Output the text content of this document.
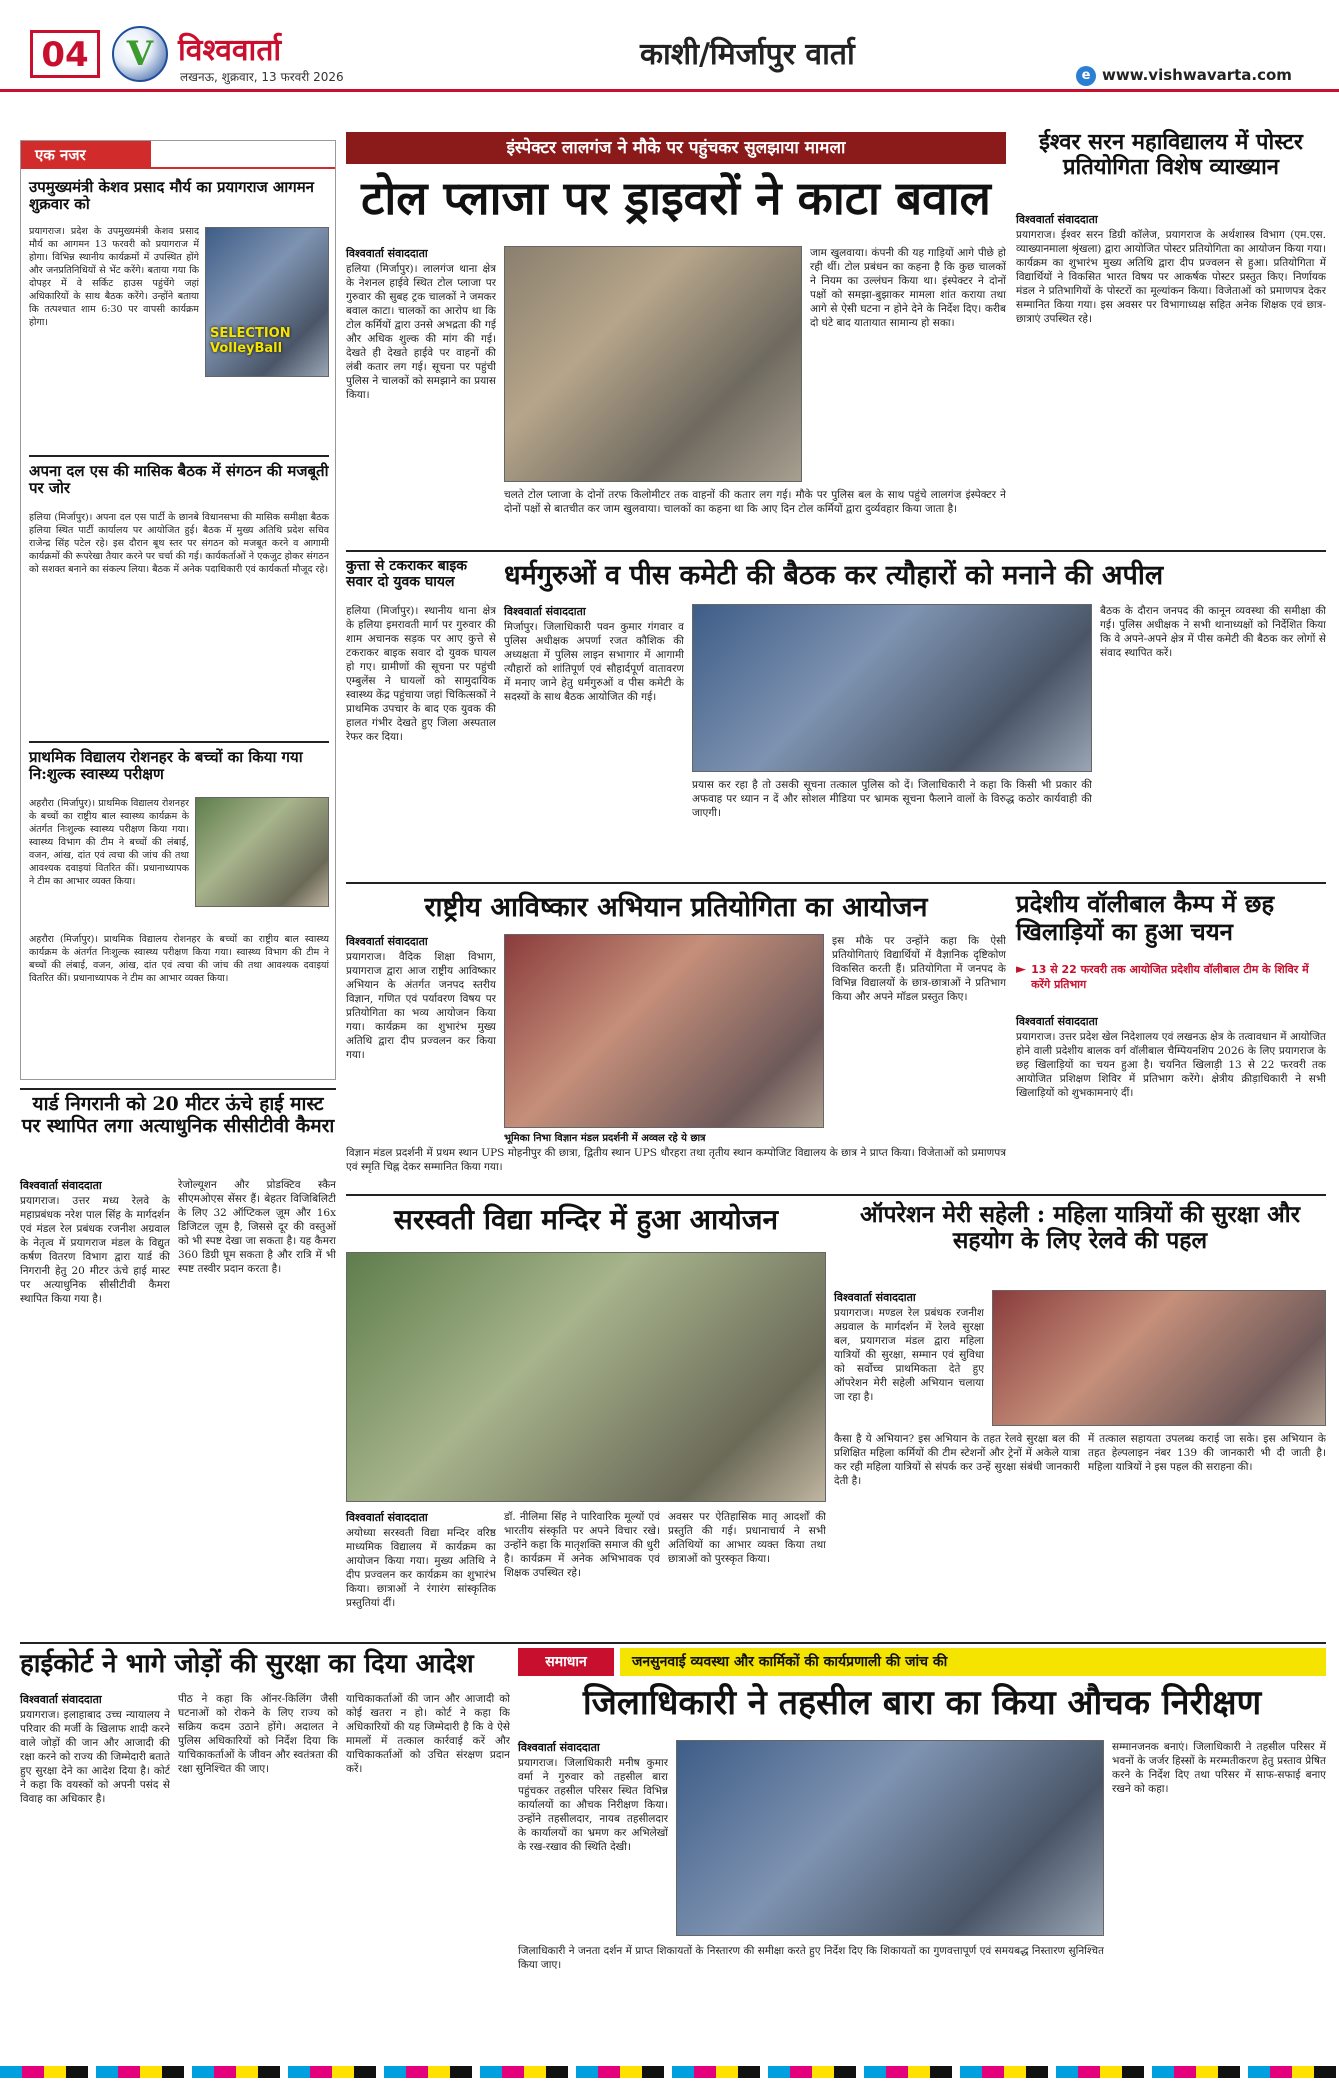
04	V विश्ववार्ता
लखनऊ, शुक्रवार, 13 फरवरी 2026
काशी/मिर्जापुर वार्ता
e www.vishwavarta.com
एक नजर
उपमुख्यमंत्री केशव प्रसाद मौर्य का प्रयागराज आगमन शुक्रवार को
प्रयागराज। प्रदेश के उपमुख्यमंत्री केशव प्रसाद मौर्य का आगमन 13 फरवरी को प्रयागराज में होगा। विभिन्न स्थानीय कार्यक्रमों में उपस्थित होंगे और जनप्रतिनिधियों से भेंट करेंगे। बताया गया कि दोपहर में वे सर्किट हाउस पहुंचेंगे जहां अधिकारियों के साथ बैठक करेंगे। उन्होंने बताया कि तत्पश्चात शाम 6:30 पर वापसी कार्यक्रम होगा।
SELECTION VolleyBall
अपना दल एस की मासिक बैठक में संगठन की मजबूती पर जोर
हलिया (मिर्जापुर)। अपना दल एस पार्टी के छानबे विधानसभा की मासिक समीक्षा बैठक हलिया स्थित पार्टी कार्यालय पर आयोजित हुई। बैठक में मुख्य अतिथि प्रदेश सचिव राजेन्द्र सिंह पटेल रहे। इस दौरान बूथ स्तर पर संगठन को मजबूत करने व आगामी कार्यक्रमों की रूपरेखा तैयार करने पर चर्चा की गई। कार्यकर्ताओं ने एकजुट होकर संगठन को सशक्त बनाने का संकल्प लिया। बैठक में अनेक पदाधिकारी एवं कार्यकर्ता मौजूद रहे।
प्राथमिक विद्यालय रोशनहर के बच्चों का किया गया नि:शुल्क स्वास्थ्य परीक्षण
अहरौरा (मिर्जापुर)। प्राथमिक विद्यालय रोशनहर के बच्चों का राष्ट्रीय बाल स्वास्थ्य कार्यक्रम के अंतर्गत निःशुल्क स्वास्थ्य परीक्षण किया गया। स्वास्थ्य विभाग की टीम ने बच्चों की लंबाई, वजन, आंख, दांत एवं त्वचा की जांच की तथा आवश्यक दवाइयां वितरित कीं। प्रधानाध्यापक ने टीम का आभार व्यक्त किया।
अहरौरा (मिर्जापुर)। प्राथमिक विद्यालय रोशनहर के बच्चों का राष्ट्रीय बाल स्वास्थ्य कार्यक्रम के अंतर्गत निःशुल्क स्वास्थ्य परीक्षण किया गया। स्वास्थ्य विभाग की टीम ने बच्चों की लंबाई, वजन, आंख, दांत एवं त्वचा की जांच की तथा आवश्यक दवाइयां वितरित कीं। प्रधानाध्यापक ने टीम का आभार व्यक्त किया।
इंस्पेक्टर लालगंज ने मौके पर पहुंचकर सुलझाया मामला
टोल प्लाजा पर ड्राइवरों ने काटा बवाल
विश्ववार्ता संवाददाता
हलिया (मिर्जापुर)। लालगंज थाना क्षेत्र के नेशनल हाईवे स्थित टोल प्लाजा पर गुरुवार की सुबह ट्रक चालकों ने जमकर बवाल काटा। चालकों का आरोप था कि टोल कर्मियों द्वारा उनसे अभद्रता की गई और अधिक शुल्क की मांग की गई। देखते ही देखते हाईवे पर वाहनों की लंबी कतार लग गई। सूचना पर पहुंची पुलिस ने चालकों को समझाने का प्रयास किया।
जाम खुलवाया। कंपनी की यह गाड़ियों आगे पीछे हो रही थीं। टोल प्रबंधन का कहना है कि कुछ चालकों ने नियम का उल्लंघन किया था। इंस्पेक्टर ने दोनों पक्षों को समझा-बुझाकर मामला शांत कराया तथा आगे से ऐसी घटना न होने देने के निर्देश दिए। करीब दो घंटे बाद यातायात सामान्य हो सका।
चलते टोल प्लाजा के दोनों तरफ किलोमीटर तक वाहनों की कतार लग गई। मौके पर पुलिस बल के साथ पहुंचे लालगंज इंस्पेक्टर ने दोनों पक्षों से बातचीत कर जाम खुलवाया। चालकों का कहना था कि आए दिन टोल कर्मियों द्वारा दुर्व्यवहार किया जाता है।
ईश्वर सरन महाविद्यालय में पोस्टर प्रतियोगिता विशेष व्याख्यान
विश्ववार्ता संवाददाता
प्रयागराज। ईश्वर सरन डिग्री कॉलेज, प्रयागराज के अर्थशास्त्र विभाग (एम.एस. व्याख्यानमाला श्रृंखला) द्वारा आयोजित पोस्टर प्रतियोगिता का आयोजन किया गया। कार्यक्रम का शुभारंभ मुख्य अतिथि द्वारा दीप प्रज्वलन से हुआ। प्रतियोगिता में विद्यार्थियों ने विकसित भारत विषय पर आकर्षक पोस्टर प्रस्तुत किए। निर्णायक मंडल ने प्रतिभागियों के पोस्टरों का मूल्यांकन किया। विजेताओं को प्रमाणपत्र देकर सम्मानित किया गया। इस अवसर पर विभागाध्यक्ष सहित अनेक शिक्षक एवं छात्र-छात्राएं उपस्थित रहे।
कुत्ता से टकराकर बाइक सवार दो युवक घायल
हलिया (मिर्जापुर)। स्थानीय थाना क्षेत्र के हलिया इमरावती मार्ग पर गुरुवार की शाम अचानक सड़क पर आए कुत्ते से टकराकर बाइक सवार दो युवक घायल हो गए। ग्रामीणों की सूचना पर पहुंची एम्बुलेंस ने घायलों को सामुदायिक स्वास्थ्य केंद्र पहुंचाया जहां चिकित्सकों ने प्राथमिक उपचार के बाद एक युवक की हालत गंभीर देखते हुए जिला अस्पताल रेफर कर दिया।
धर्मगुरुओं व पीस कमेटी की बैठक कर त्यौहारों को मनाने की अपील
विश्ववार्ता संवाददाता
मिर्जापुर। जिलाधिकारी पवन कुमार गंगवार व पुलिस अधीक्षक अपर्णा रजत कौशिक की अध्यक्षता में पुलिस लाइन सभागार में आगामी त्यौहारों को शांतिपूर्ण एवं सौहार्दपूर्ण वातावरण में मनाए जाने हेतु धर्मगुरुओं व पीस कमेटी के सदस्यों के साथ बैठक आयोजित की गई।
प्रयास कर रहा है तो उसकी सूचना तत्काल पुलिस को दें। जिलाधिकारी ने कहा कि किसी भी प्रकार की अफवाह पर ध्यान न दें और सोशल मीडिया पर भ्रामक सूचना फैलाने वालों के विरुद्ध कठोर कार्यवाही की जाएगी।
बैठक के दौरान जनपद की कानून व्यवस्था की समीक्षा की गई। पुलिस अधीक्षक ने सभी थानाध्यक्षों को निर्देशित किया कि वे अपने-अपने क्षेत्र में पीस कमेटी की बैठक कर लोगों से संवाद स्थापित करें।
राष्ट्रीय आविष्कार अभियान प्रतियोगिता का आयोजन
विश्ववार्ता संवाददाता
प्रयागराज। वैदिक शिक्षा विभाग, प्रयागराज द्वारा आज राष्ट्रीय आविष्कार अभियान के अंतर्गत जनपद स्तरीय विज्ञान, गणित एवं पर्यावरण विषय पर प्रतियोगिता का भव्य आयोजन किया गया। कार्यक्रम का शुभारंभ मुख्य अतिथि द्वारा दीप प्रज्वलन कर किया गया।
इस मौके पर उन्होंने कहा कि ऐसी प्रतियोगिताएं विद्यार्थियों में वैज्ञानिक दृष्टिकोण विकसित करती हैं। प्रतियोगिता में जनपद के विभिन्न विद्यालयों के छात्र-छात्राओं ने प्रतिभाग किया और अपने मॉडल प्रस्तुत किए।
भूमिका निभा विज्ञान मंडल प्रदर्शनी में अव्वल रहे ये छात्र
विज्ञान मंडल प्रदर्शनी में प्रथम स्थान UPS मोहनीपुर की छात्रा, द्वितीय स्थान UPS धौरहरा तथा तृतीय स्थान कम्पोजिट विद्यालय के छात्र ने प्राप्त किया। विजेताओं को प्रमाणपत्र एवं स्मृति चिह्न देकर सम्मानित किया गया।
प्रदेशीय वॉलीबाल कैम्प में छह खिलाड़ियों का हुआ चयन
► 13 से 22 फरवरी तक आयोजित प्रदेशीय वॉलीबाल टीम के शिविर में करेंगे प्रतिभाग
विश्ववार्ता संवाददाता
प्रयागराज। उत्तर प्रदेश खेल निदेशालय एवं लखनऊ क्षेत्र के तत्वावधान में आयोजित होने वाली प्रदेशीय बालक वर्ग वॉलीबाल चैम्पियनशिप 2026 के लिए प्रयागराज के छह खिलाड़ियों का चयन हुआ है। चयनित खिलाड़ी 13 से 22 फरवरी तक आयोजित प्रशिक्षण शिविर में प्रतिभाग करेंगे। क्षेत्रीय क्रीड़ाधिकारी ने सभी खिलाड़ियों को शुभकामनाएं दीं।
यार्ड निगरानी को 20 मीटर ऊंचे हाई मास्ट पर स्थापित लगा अत्याधुनिक सीसीटीवी कैमरा
विश्ववार्ता संवाददाता
प्रयागराज। उत्तर मध्य रेलवे के महाप्रबंधक नरेश पाल सिंह के मार्गदर्शन एवं मंडल रेल प्रबंधक रजनीश अग्रवाल के नेतृत्व में प्रयागराज मंडल के विद्युत कर्षण वितरण विभाग द्वारा यार्ड की निगरानी हेतु 20 मीटर ऊंचे हाई मास्ट पर अत्याधुनिक सीसीटीवी कैमरा स्थापित किया गया है।
रेजोल्यूशन और प्रोडक्टिव स्कैन सीएमओएस सेंसर हैं। बेहतर विजिबिलिटी के लिए 32 ऑप्टिकल ज़ूम और 16x डिजिटल ज़ूम है, जिससे दूर की वस्तुओं को भी स्पष्ट देखा जा सकता है। यह कैमरा 360 डिग्री घूम सकता है और रात्रि में भी स्पष्ट तस्वीर प्रदान करता है।
सरस्वती विद्या मन्दिर में हुआ आयोजन
विश्ववार्ता संवाददाता
अयोध्या सरस्वती विद्या मन्दिर वरिष्ठ माध्यमिक विद्यालय में कार्यक्रम का आयोजन किया गया। मुख्य अतिथि ने दीप प्रज्वलन कर कार्यक्रम का शुभारंभ किया। छात्राओं ने रंगारंग सांस्कृतिक प्रस्तुतियां दीं।
डॉ. नीलिमा सिंह ने पारिवारिक मूल्यों एवं भारतीय संस्कृति पर अपने विचार रखे। उन्होंने कहा कि मातृशक्ति समाज की धुरी है। कार्यक्रम में अनेक अभिभावक एवं शिक्षक उपस्थित रहे।
अवसर पर ऐतिहासिक मातृ आदर्शों की प्रस्तुति की गई। प्रधानाचार्य ने सभी अतिथियों का आभार व्यक्त किया तथा छात्राओं को पुरस्कृत किया।
ऑपरेशन मेरी सहेली : महिला यात्रियों की सुरक्षा और सहयोग के लिए रेलवे की पहल
विश्ववार्ता संवाददाता
प्रयागराज। मण्डल रेल प्रबंधक रजनीश अग्रवाल के मार्गदर्शन में रेलवे सुरक्षा बल, प्रयागराज मंडल द्वारा महिला यात्रियों की सुरक्षा, सम्मान एवं सुविधा को सर्वोच्च प्राथमिकता देते हुए ऑपरेशन मेरी सहेली अभियान चलाया जा रहा है।
कैसा है ये अभियान? इस अभियान के तहत रेलवे सुरक्षा बल की प्रशिक्षित महिला कर्मियों की टीम स्टेशनों और ट्रेनों में अकेले यात्रा कर रही महिला यात्रियों से संपर्क कर उन्हें सुरक्षा संबंधी जानकारी देती है।
में तत्काल सहायता उपलब्ध कराई जा सके। इस अभियान के तहत हेल्पलाइन नंबर 139 की जानकारी भी दी जाती है। महिला यात्रियों ने इस पहल की सराहना की।
हाईकोर्ट ने भागे जोड़ों की सुरक्षा का दिया आदेश
विश्ववार्ता संवाददाता
प्रयागराज। इलाहाबाद उच्च न्यायालय ने परिवार की मर्जी के खिलाफ शादी करने वाले जोड़ों की जान और आजादी की रक्षा करने को राज्य की जिम्मेदारी बताते हुए सुरक्षा देने का आदेश दिया है। कोर्ट ने कहा कि वयस्कों को अपनी पसंद से विवाह का अधिकार है।
पीठ ने कहा कि ऑनर-किलिंग जैसी घटनाओं को रोकने के लिए राज्य को सक्रिय कदम उठाने होंगे। अदालत ने पुलिस अधिकारियों को निर्देश दिया कि याचिकाकर्ताओं के जीवन और स्वतंत्रता की रक्षा सुनिश्चित की जाए।
याचिकाकर्ताओं की जान और आजादी को कोई खतरा न हो। कोर्ट ने कहा कि अधिकारियों की यह जिम्मेदारी है कि वे ऐसे मामलों में तत्काल कार्रवाई करें और याचिकाकर्ताओं को उचित संरक्षण प्रदान करें।
समाधान	जनसुनवाई व्यवस्था और कार्मिकों की कार्यप्रणाली की जांच की
जिलाधिकारी ने तहसील बारा का किया औचक निरीक्षण
विश्ववार्ता संवाददाता
प्रयागराज। जिलाधिकारी मनीष कुमार वर्मा ने गुरुवार को तहसील बारा पहुंचकर तहसील परिसर स्थित विभिन्न कार्यालयों का औचक निरीक्षण किया। उन्होंने तहसीलदार, नायब तहसीलदार के कार्यालयों का भ्रमण कर अभिलेखों के रख-रखाव की स्थिति देखी।
सम्मानजनक बनाएं। जिलाधिकारी ने तहसील परिसर में भवनों के जर्जर हिस्सों के मरम्मतीकरण हेतु प्रस्ताव प्रेषित करने के निर्देश दिए तथा परिसर में साफ-सफाई बनाए रखने को कहा।
जिलाधिकारी ने जनता दर्शन में प्राप्त शिकायतों के निस्तारण की समीक्षा करते हुए निर्देश दिए कि शिकायतों का गुणवत्तापूर्ण एवं समयबद्ध निस्तारण सुनिश्चित किया जाए।
